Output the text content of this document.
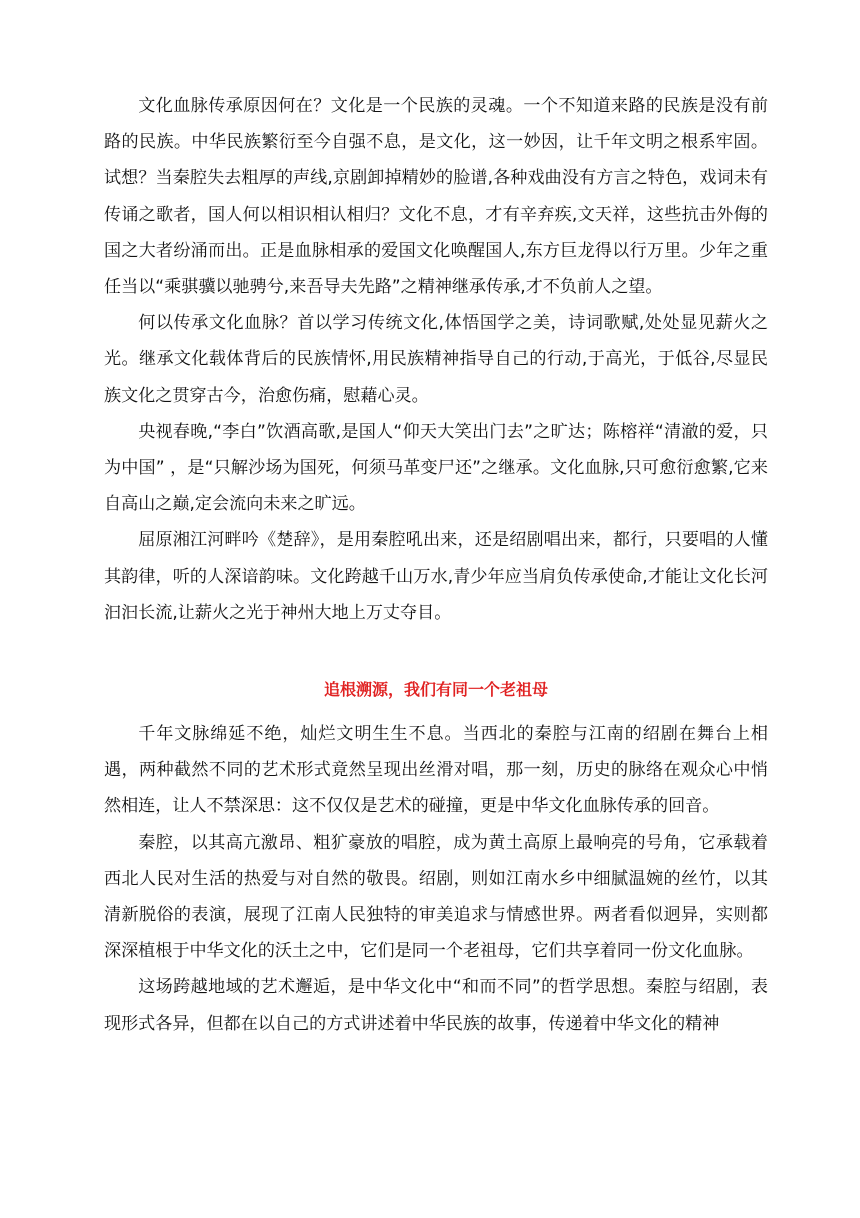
文化血脉传承原因何在？文化是一个民族的灵魂。一个不知道来路的民族是没有前路的民族。中华民族繁衍至今自强不息，是文化，这一妙因，让千年文明之根系牢固。试想？当秦腔失去粗厚的声线,京剧卸掉精妙的脸谱,各种戏曲没有方言之特色，戏词未有传诵之歌者，国人何以相识相认相归？文化不息，才有辛弃疾,文天祥，这些抗击外侮的国之大者纷涌而出。正是血脉相承的爱国文化唤醒国人,东方巨龙得以行万里。少年之重任当以“乘骐骥以驰骋兮,来吾导夫先路”之精神继承传承,才不负前人之望。

何以传承文化血脉？首以学习传统文化,体悟国学之美，诗词歌赋,处处显见薪火之光。继承文化载体背后的民族情怀,用民族精神指导自己的行动,于高光，于低谷,尽显民族文化之贯穿古今，治愈伤痛，慰藉心灵。

央视春晚,“李白”饮酒高歌,是国人“仰天大笑出门去”之旷达；陈榕祥“清澈的爱，只为中国” ，是“只解沙场为国死，何须马革变尸还”之继承。文化血脉,只可愈衍愈繁,它来自高山之巅,定会流向未来之旷远。

屈原湘江河畔吟《楚辞》，是用秦腔吼出来，还是绍剧唱出来，都行，只要唱的人懂其韵律，听的人深谙韵味。文化跨越千山万水,青少年应当肩负传承使命,才能让文化长河汩汩长流,让薪火之光于神州大地上万丈夺目。

追根溯源，我们有同一个老祖母

千年文脉绵延不绝，灿烂文明生生不息。当西北的秦腔与江南的绍剧在舞台上相遇，两种截然不同的艺术形式竟然呈现出丝滑对唱，那一刻，历史的脉络在观众心中悄然相连，让人不禁深思：这不仅仅是艺术的碰撞，更是中华文化血脉传承的回音。

秦腔，以其高亢激昂、粗犷豪放的唱腔，成为黄土高原上最响亮的号角，它承载着西北人民对生活的热爱与对自然的敬畏。绍剧，则如江南水乡中细腻温婉的丝竹，以其清新脱俗的表演，展现了江南人民独特的审美追求与情感世界。两者看似迥异，实则都深深植根于中华文化的沃土之中，它们是同一个老祖母，它们共享着同一份文化血脉。

这场跨越地域的艺术邂逅，是中华文化中“和而不同”的哲学思想。秦腔与绍剧，表现形式各异，但都在以自己的方式讲述着中华民族的故事，传递着中华文化的精神
